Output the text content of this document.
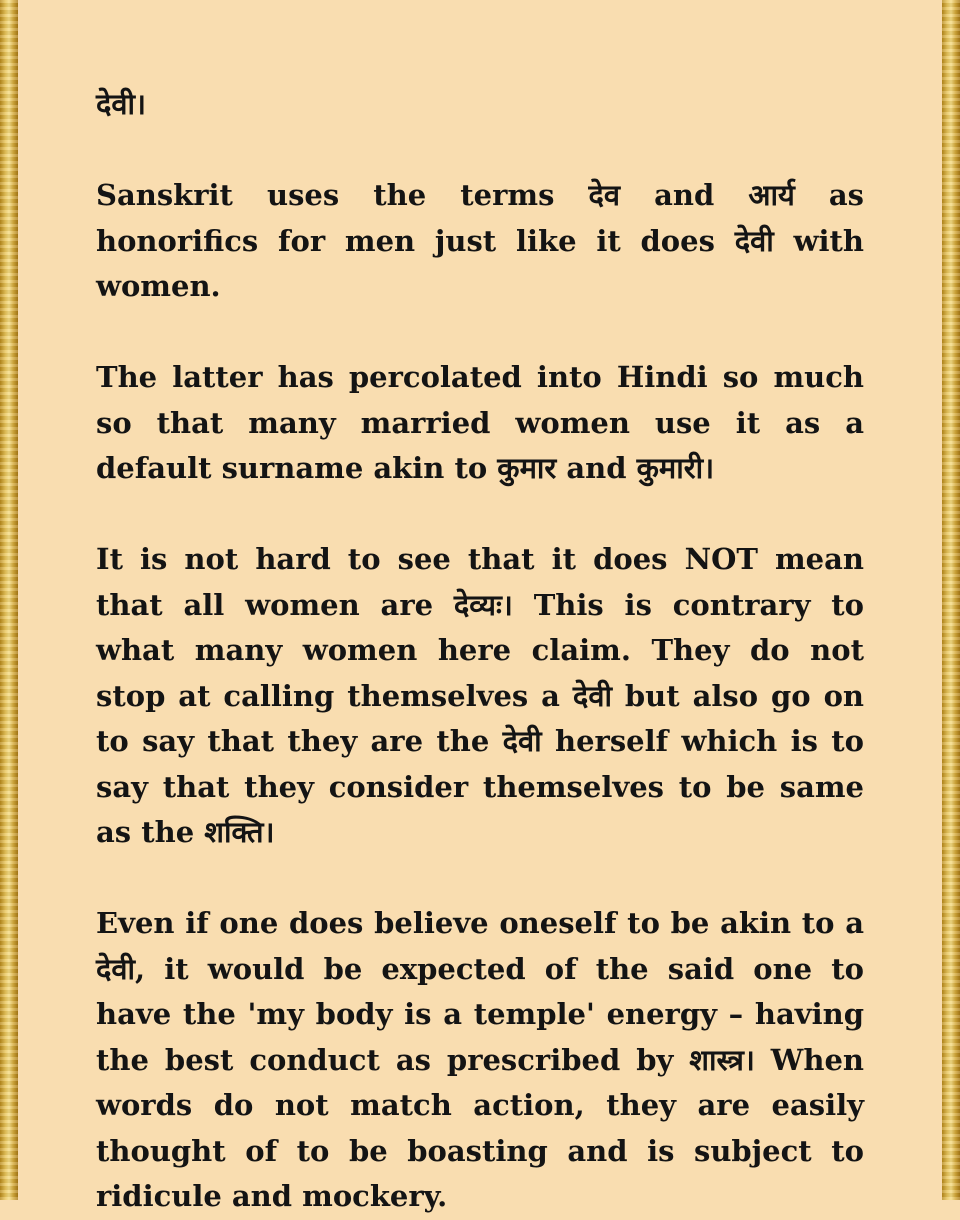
देवी।

Sanskrit uses the terms देव and आर्य as honorifics for men just like it does देवी with women.

The latter has percolated into Hindi so much so that many married women use it as a default surname akin to कुमार and कुमारी।

It is not hard to see that it does NOT mean that all women are देव्यः। This is contrary to what many women here claim. They do not stop at calling themselves a देवी but also go on to say that they are the देवी herself which is to say that they consider themselves to be same as the शक्ति।

Even if one does believe oneself to be akin to a देवी, it would be expected of the said one to have the 'my body is a temple' energy – having the best conduct as prescribed by शास्त्र। When words do not match action, they are easily thought of to be boasting and is subject to ridicule and mockery.
